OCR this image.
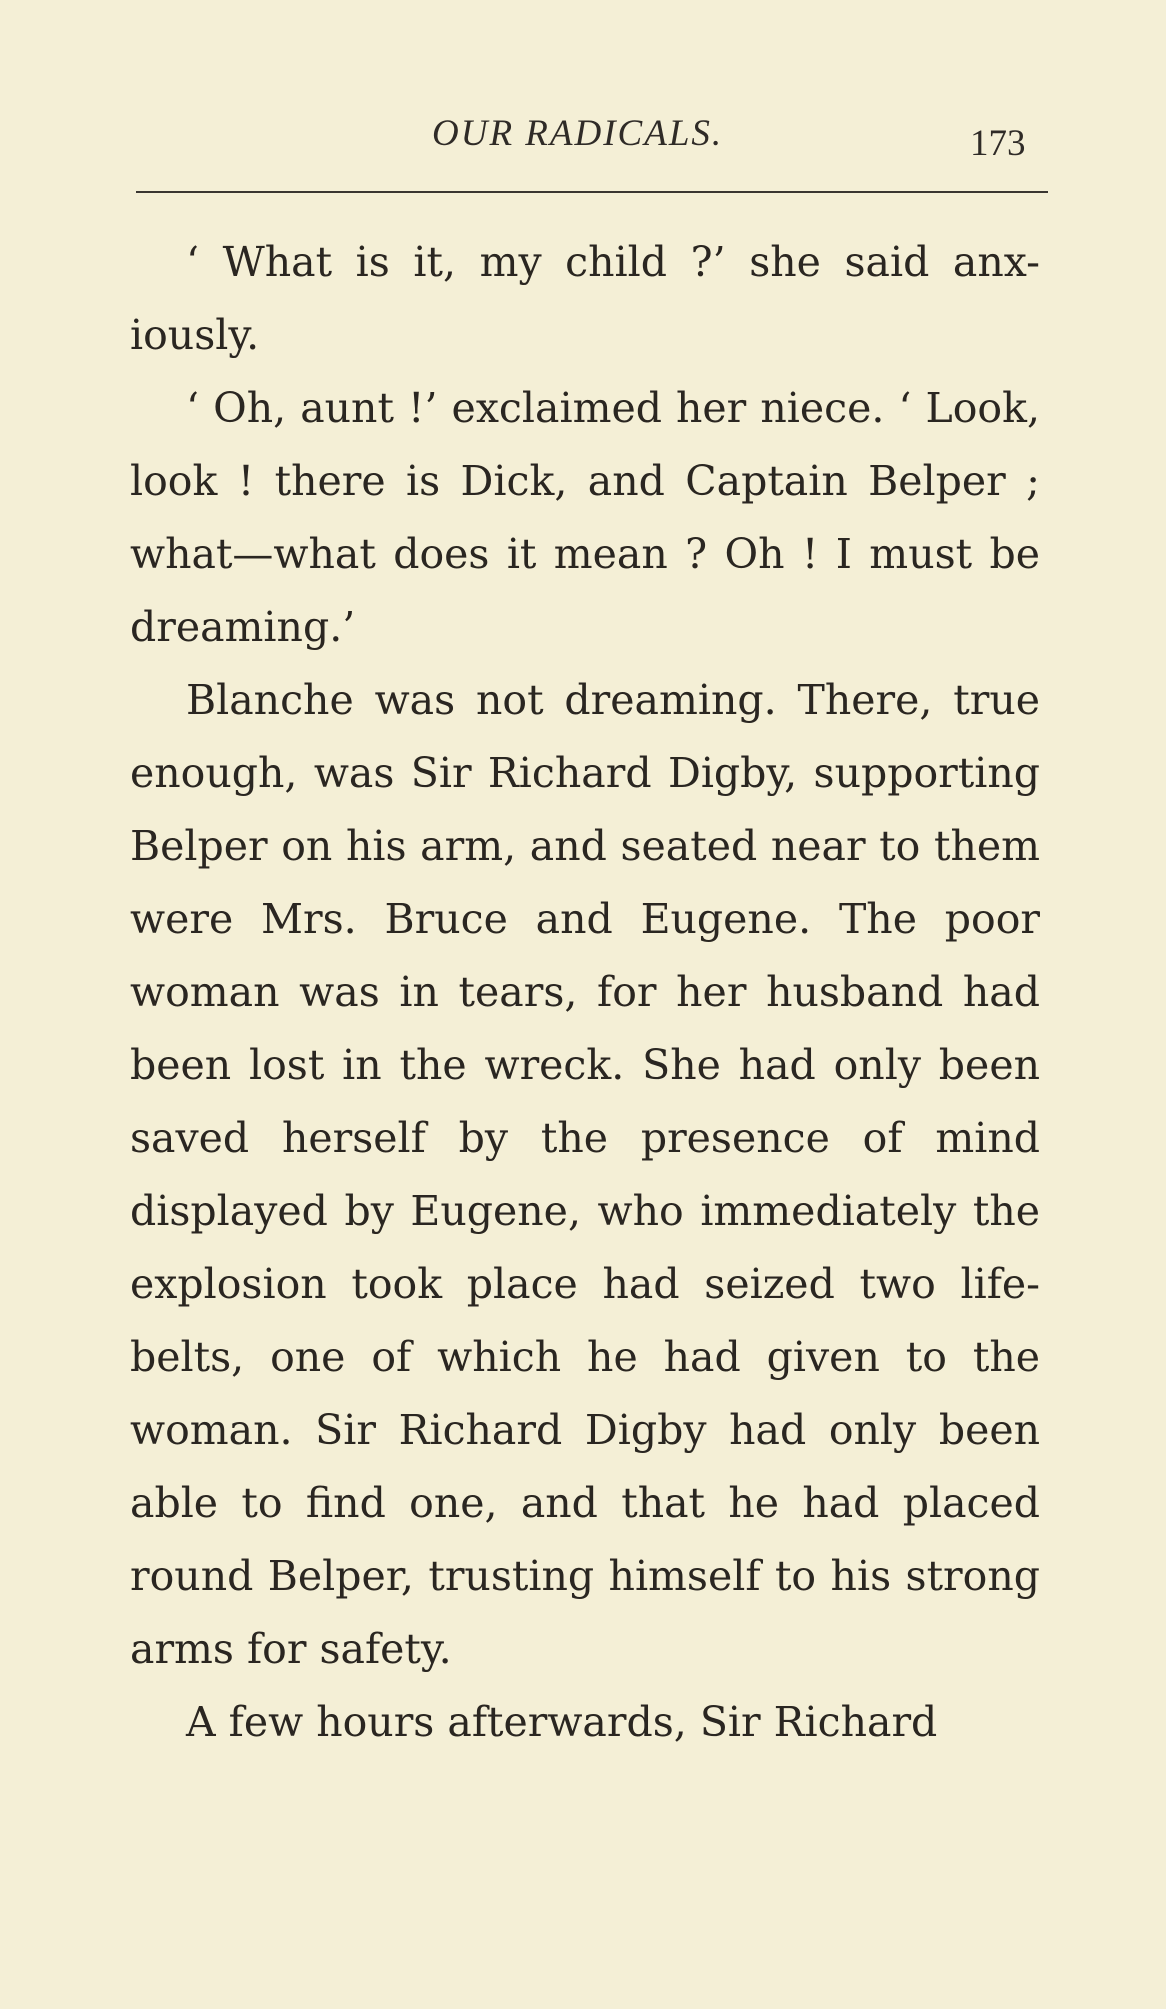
OUR RADICALS.	173

‘ What is it, my child ?’ she said anx-iously.

‘ Oh, aunt !’ exclaimed her niece. ‘ Look, look ! there is Dick, and Captain Belper ; what—what does it mean ? Oh ! I must be dreaming.’

Blanche was not dreaming. There, true enough, was Sir Richard Digby, supporting Belper on his arm, and seated near to them were Mrs. Bruce and Eugene. The poor woman was in tears, for her husband had been lost in the wreck. She had only been saved herself by the presence of mind displayed by Eugene, who immediately the explosion took place had seized two life-belts, one of which he had given to the woman. Sir Richard Digby had only been able to find one, and that he had placed round Belper, trusting himself to his strong arms for safety.

A few hours afterwards, Sir Richard
